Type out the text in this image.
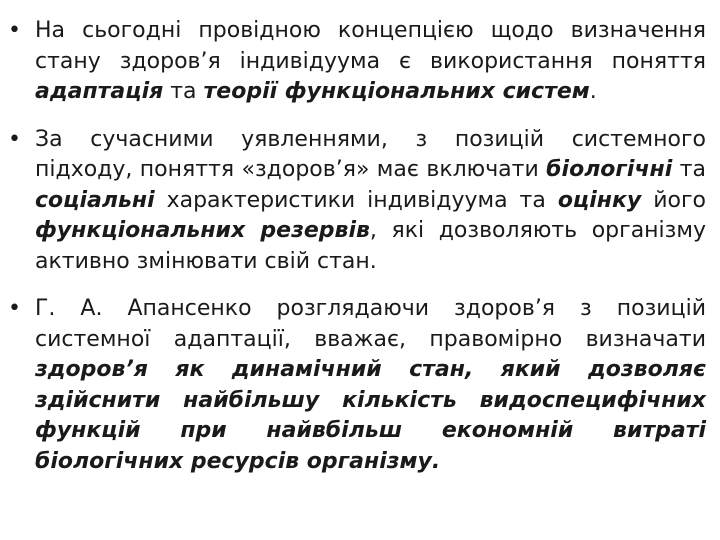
• На сьогодні провідною концепцією щодо визначення стану здоров’я індивідуума є використання поняття адаптація та теорії функціональних систем.
• За сучасними уявленнями, з позицій системного підходу, поняття «здоров’я» має включати біологічні та соціальні характеристики індивідуума та оцінку його функціональних резервів, які дозволяють організму активно змінювати свій стан.
• Г. А. Апансенко розглядаючи здоров’я з позицій системної адаптації, вважає, правомірно визначати здоров’я як динамічний стан, який дозволяє здійснити найбільшу кількість видоспецифічних функцій при найвбільш економній витраті біологічних ресурсів організму.
